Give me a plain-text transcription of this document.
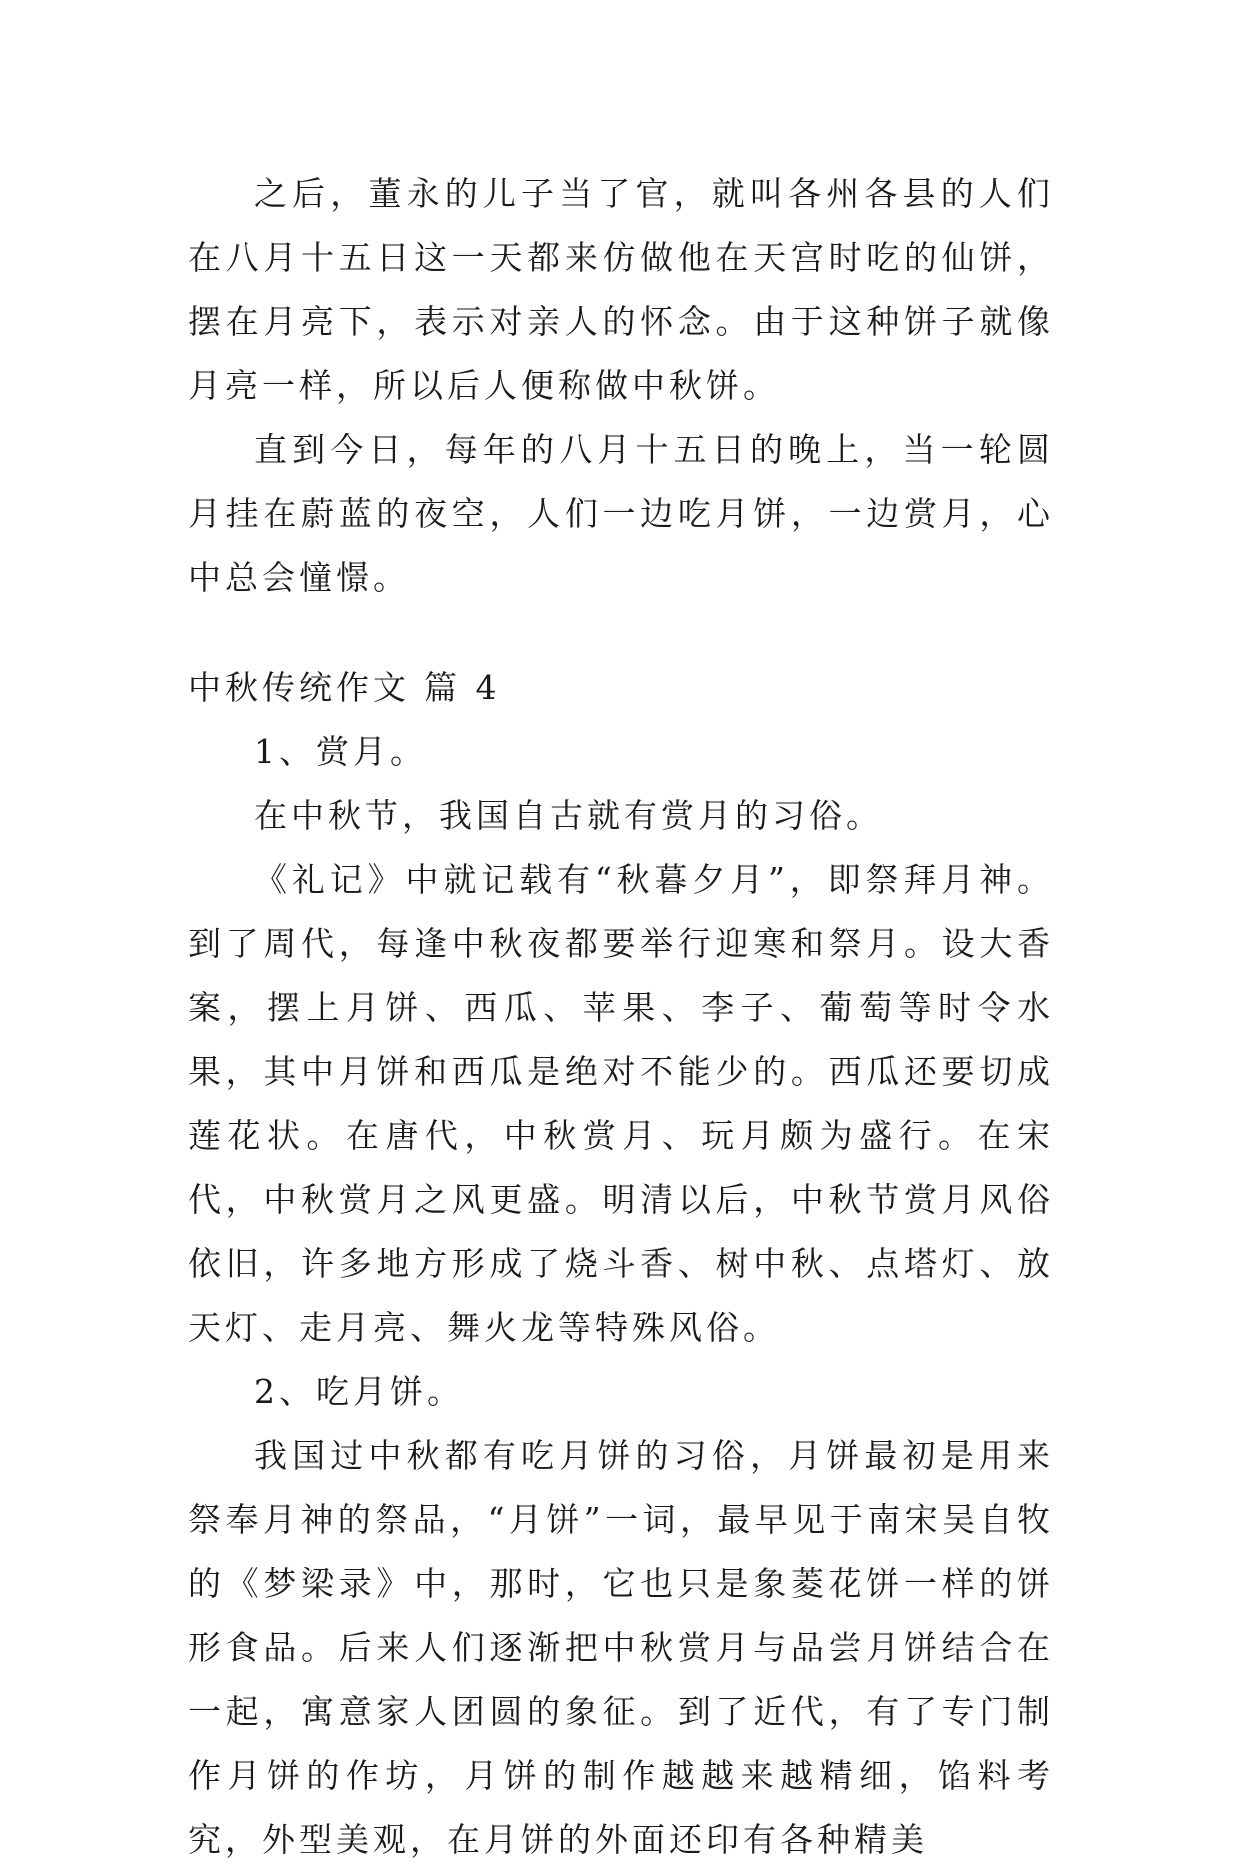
之后，董永的儿子当了官，就叫各州各县的人们在八月十五日这一天都来仿做他在天宫时吃的仙饼，摆在月亮下，表示对亲人的怀念。由于这种饼子就像月亮一样，所以后人便称做中秋饼。

直到今日，每年的八月十五日的晚上，当一轮圆月挂在蔚蓝的夜空，人们一边吃月饼，一边赏月，心中总会憧憬。

中秋传统作文 篇 4

1、赏月。

在中秋节，我国自古就有赏月的习俗。

《礼记》中就记载有“秋暮夕月”，即祭拜月神。到了周代，每逢中秋夜都要举行迎寒和祭月。设大香案，摆上月饼、西瓜、苹果、李子、葡萄等时令水果，其中月饼和西瓜是绝对不能少的。西瓜还要切成莲花状。在唐代，中秋赏月、玩月颇为盛行。在宋代，中秋赏月之风更盛。明清以后，中秋节赏月风俗依旧，许多地方形成了烧斗香、树中秋、点塔灯、放天灯、走月亮、舞火龙等特殊风俗。

2、吃月饼。

我国过中秋都有吃月饼的习俗，月饼最初是用来祭奉月神的祭品，“月饼”一词，最早见于南宋吴自牧的《梦梁录》中，那时，它也只是象菱花饼一样的饼形食品。后来人们逐渐把中秋赏月与品尝月饼结合在一起，寓意家人团圆的象征。到了近代，有了专门制作月饼的作坊，月饼的制作越越来越精细，馅料考究，外型美观，在月饼的外面还印有各种精美
